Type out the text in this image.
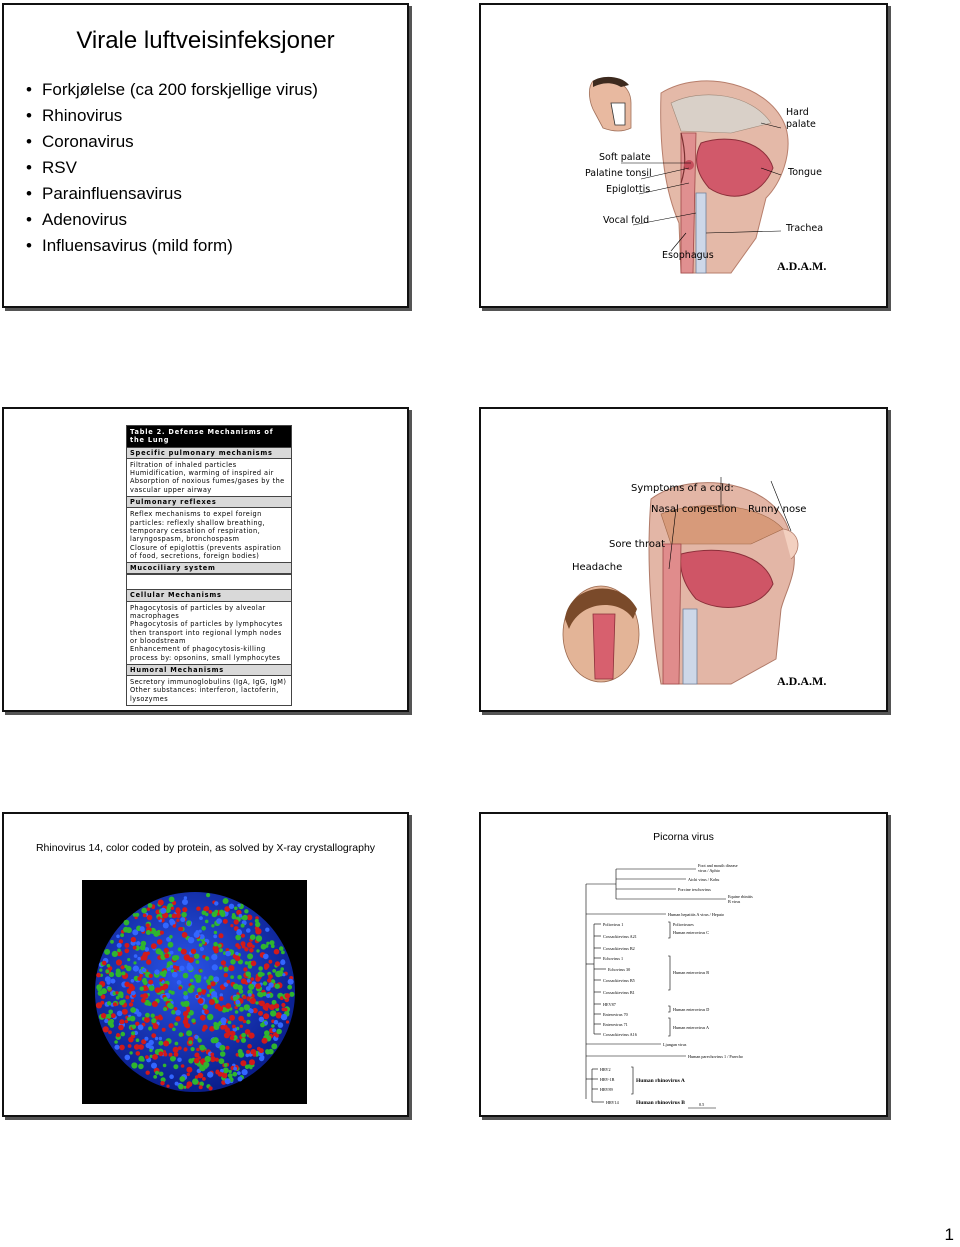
Virale luftveisinfeksjoner
• Forkjølelse (ca 200 forskjellige virus)
• Rhinovirus
• Coronavirus
• RSV
• Parainfluensavirus
• Adenovirus
• Influensavirus (mild form)
Hard
palate
Soft palate
Palatine tonsil
Epiglottis
Vocal fold
Tongue
Trachea
Esophagus
A.D.A.M.
Table 2. Defense Mechanisms of the Lung
Specific pulmonary mechanisms
Filtration of inhaled particles
Humidification, warming of inspired air
Absorption of noxious fumes/gases by the vascular upper airway
Pulmonary reflexes
Reflex mechanisms to expel foreign particles: reflexly shallow breathing, temporary cessation of respiration, laryngospasm, bronchospasm
Closure of epiglottis (prevents aspiration of food, secretions, foreign bodies)
Mucociliary system
Cellular Mechanisms
Phagocytosis of particles by alveolar macrophages
Phagocytosis of particles by lymphocytes then transport into regional lymph nodes or bloodstream
Enhancement of phagocytosis-killing process by: opsonins, small lymphocytes
Humoral Mechanisms
Secretory immunoglobulins (IgA, IgG, IgM)
Other substances: interferon, lactoferin, lysozymes
Symptoms of a cold:
Nasal congestion Runny nose
Sore throat
Headache
A.D.A.M.
Rhinovirus 14, color coded by protein, as solved by X-ray crystallography
Picorna virus
Foot and mouth disease
virus / Aphto
Aichi virus / Kobu
Porcine teschovirus
Equine rhinitis
B virus
Human hepatitis A virus / Hepato
Poliovirus 1	Polioviruses
Coxsackievirus A21
Human enterovirus C
Coxsackievirus B2
Echovirus 1
Echovirus 30
Human enterovirus B
Coxsackievirus B5
Coxsackievirus B1
HEV87
Human enterovirus D
Enterovirus 70
Enterovirus 71
Human enterovirus A
Coxsackievirus A16
Ljungan virus
Human parechovirus 1 / Parecho
HRV2
HRV-1B	Human rhinovirus A
HRV89
HRV14	Human rhinovirus B	0.5
1
